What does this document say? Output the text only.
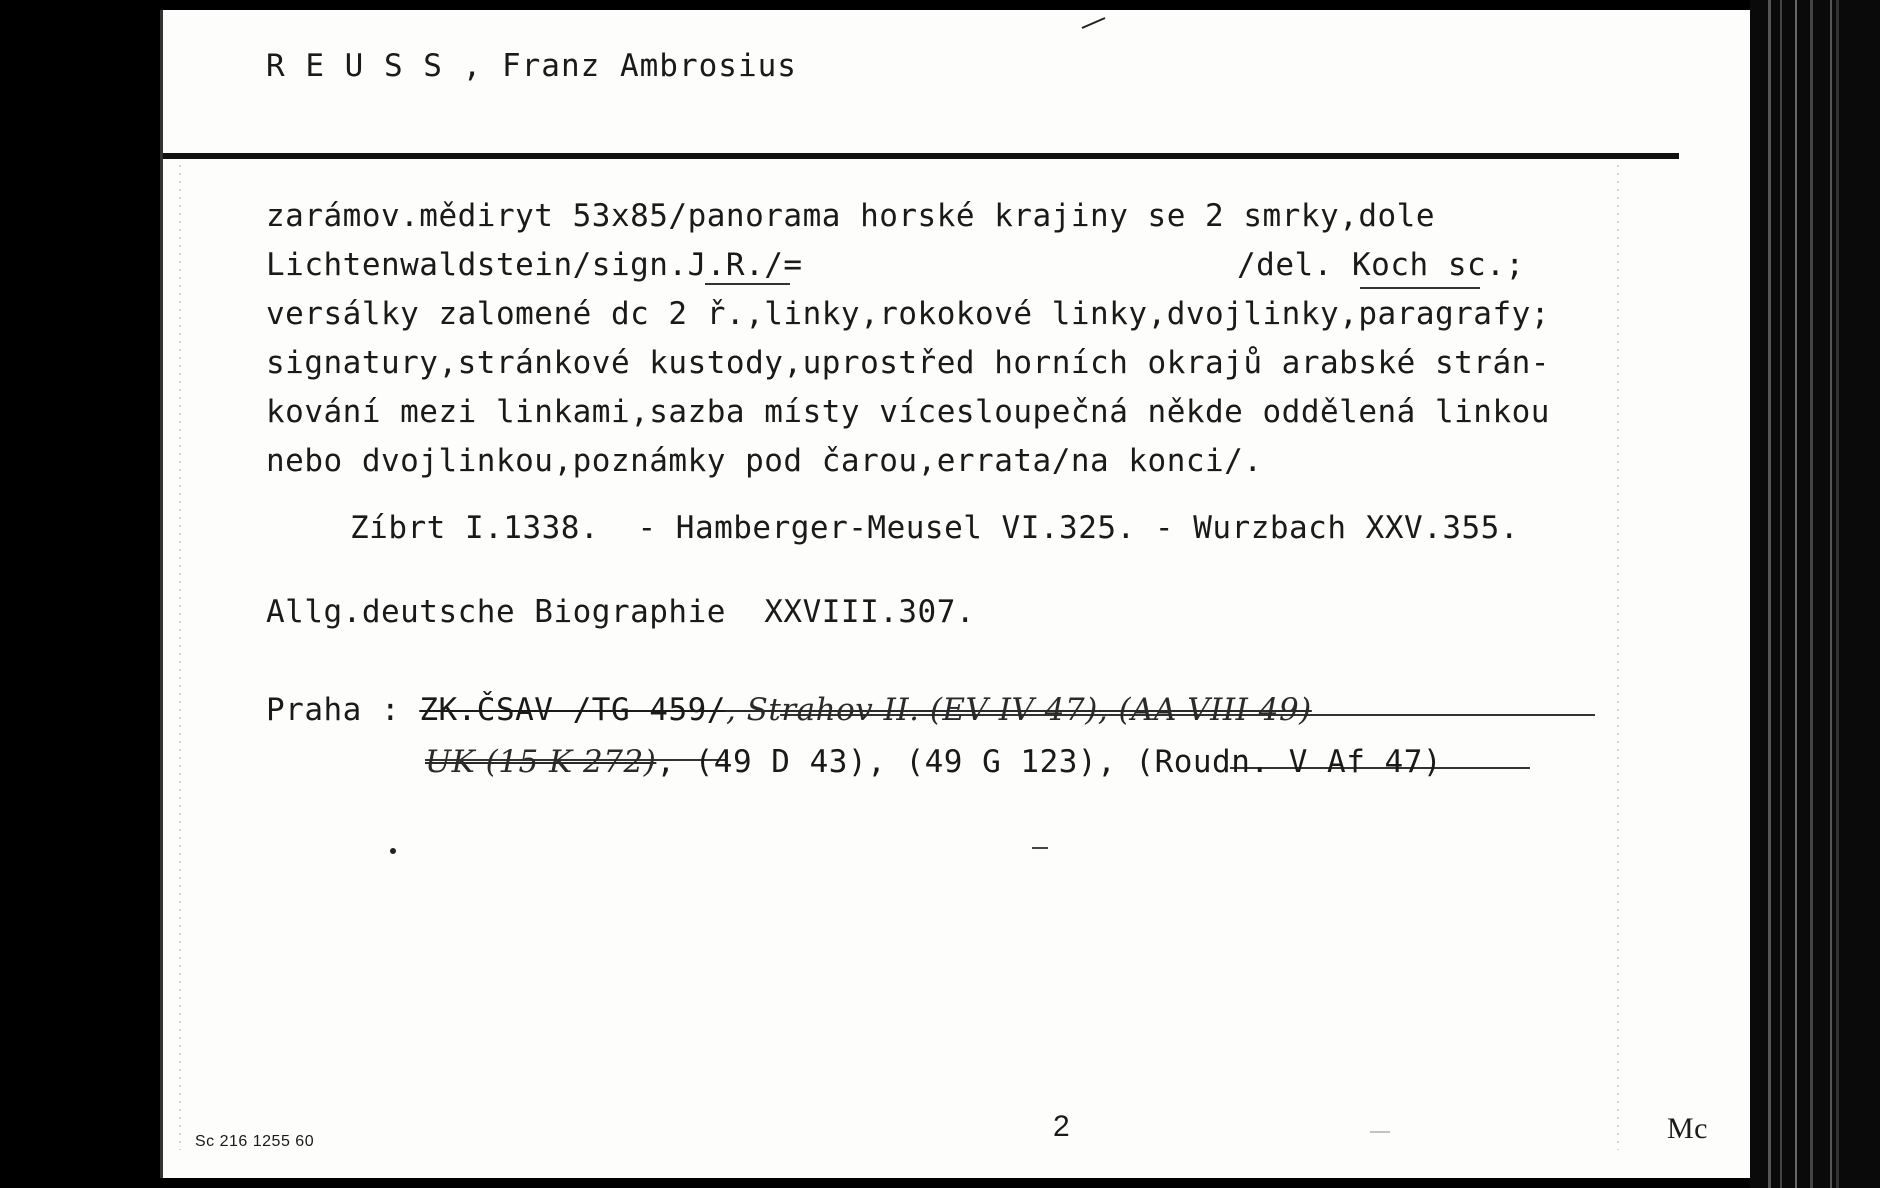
R E U S S , Franz Ambrosius
zarámov.mědiryt 53x85/panorama horské krajiny se 2 smrky,dole
Lichtenwaldstein/sign.J.R./=	/del. Koch sc.;
versálky zalomené dc 2 ř.,linky,rokokové linky,dvojlinky,paragrafy;
signatury,stránkové kustody,uprostřed horních okrajů arabské strán-
kování mezi linkami,sazba místy vícesloupečná někde oddělená linkou
nebo dvojlinkou,poznámky pod čarou,errata/na konci/.
Zíbrt I.1338.  - Hamberger-Meusel VI.325. - Wurzbach XXV.355.
Allg.deutsche Biographie  XXVIII.307.
Praha : ZK.ČSAV /TG 459/, Strahov II. (EV IV 47), (AA VIII 49)
UK (15 K 272), (49 D 43), (49 G 123), (Roudn. V Af 47)
Sc 216 1255 60	2	Mc
